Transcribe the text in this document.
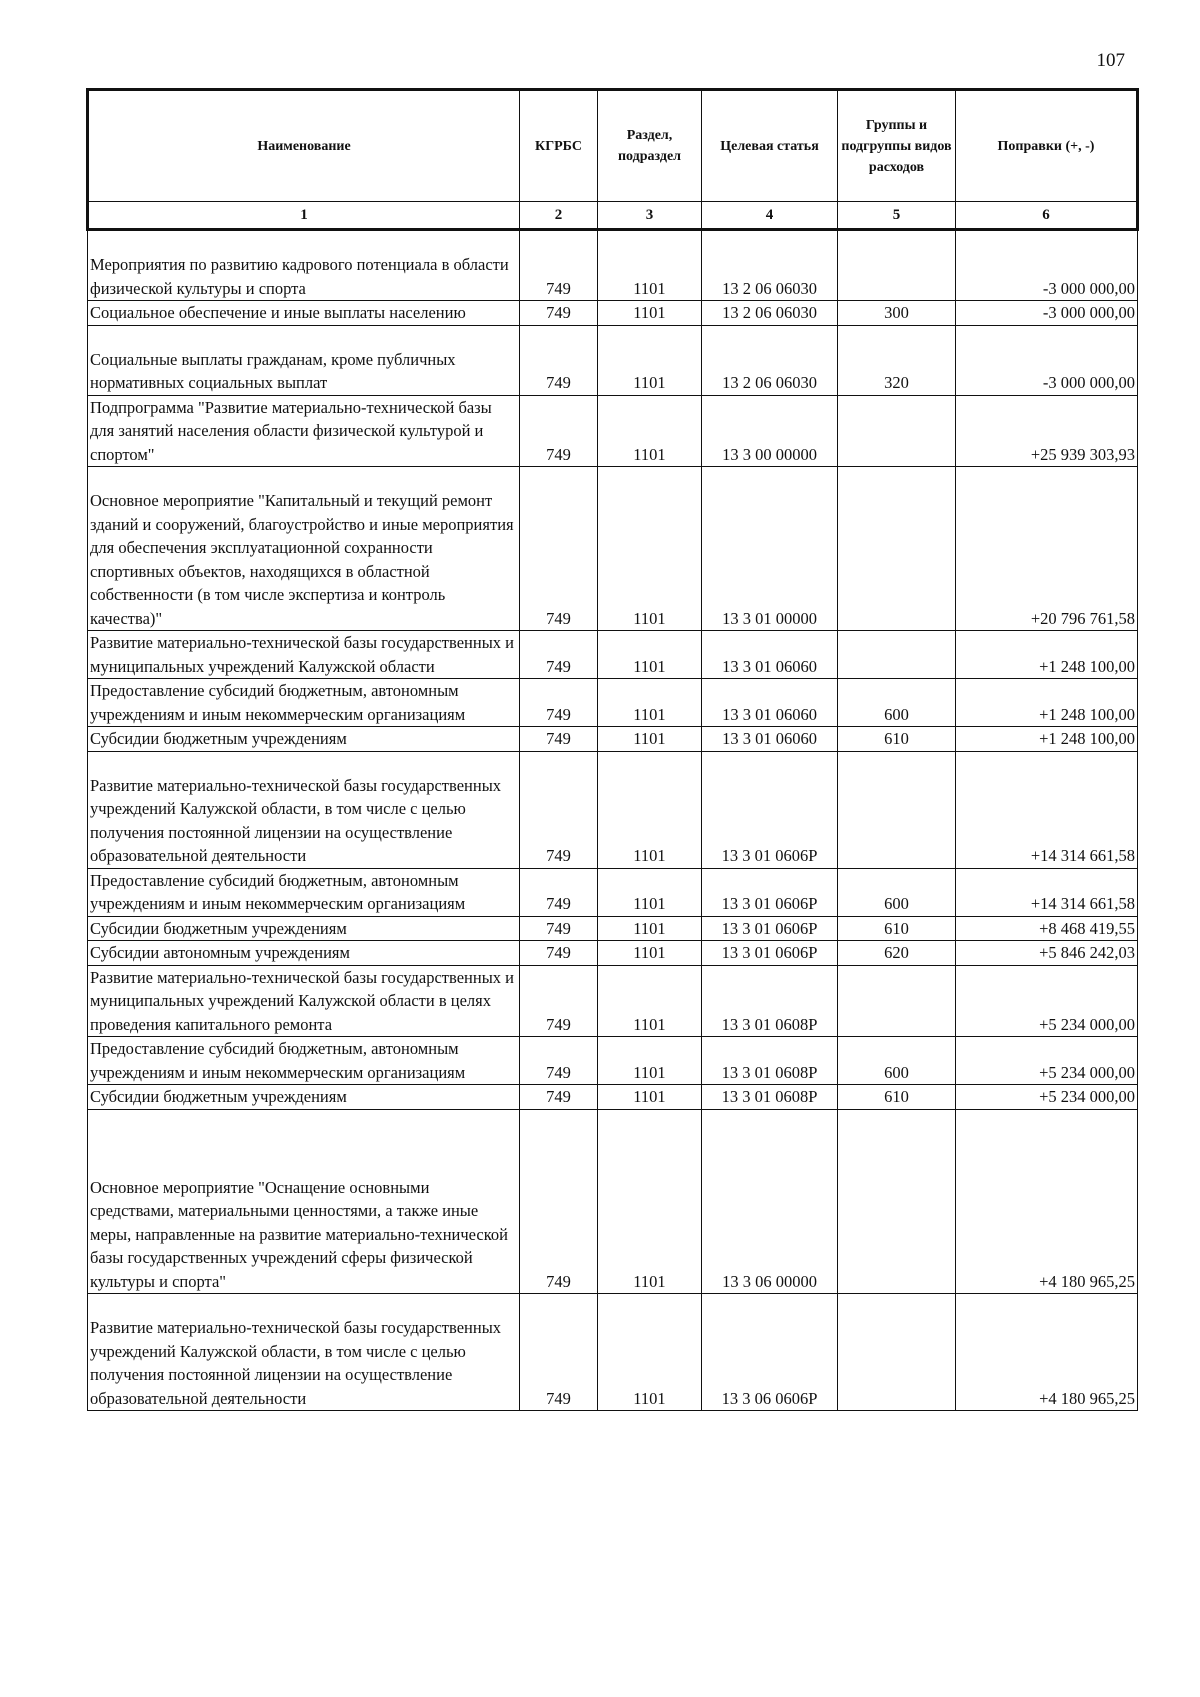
107
Наименование	КГРБС	Раздел, подраздел	Целевая статья	Группы и подгруппы видов расходов	Поправки (+, -)
1	2	3	4	5	6
Мероприятия по развитию кадрового потенциала в области физической культуры и спорта	749	1101	13 2 06 06030		-3 000 000,00
Социальное обеспечение и иные выплаты населению	749	1101	13 2 06 06030	300	-3 000 000,00
Социальные выплаты гражданам, кроме публичных нормативных социальных выплат	749	1101	13 2 06 06030	320	-3 000 000,00
Подпрограмма "Развитие материально-технической базы для занятий населения области физической культурой и спортом"	749	1101	13 3 00 00000		+25 939 303,93
Основное мероприятие "Капитальный и текущий ремонт зданий и сооружений, благоустройство и иные мероприятия для обеспечения эксплуатационной сохранности спортивных объектов, находящихся в областной собственности (в том числе экспертиза и контроль качества)"	749	1101	13 3 01 00000		+20 796 761,58
Развитие материально-технической базы государственных и муниципальных учреждений Калужской области	749	1101	13 3 01 06060		+1 248 100,00
Предоставление субсидий бюджетным, автономным учреждениям и иным некоммерческим организациям	749	1101	13 3 01 06060	600	+1 248 100,00
Субсидии бюджетным учреждениям	749	1101	13 3 01 06060	610	+1 248 100,00
Развитие материально-технической базы государственных учреждений Калужской области, в том числе с целью получения постоянной лицензии на осуществление образовательной деятельности	749	1101	13 3 01 0606Р		+14 314 661,58
Предоставление субсидий бюджетным, автономным учреждениям и иным некоммерческим организациям	749	1101	13 3 01 0606Р	600	+14 314 661,58
Субсидии бюджетным учреждениям	749	1101	13 3 01 0606Р	610	+8 468 419,55
Субсидии автономным учреждениям	749	1101	13 3 01 0606Р	620	+5 846 242,03
Развитие материально-технической базы государственных и муниципальных учреждений Калужской области в целях проведения капитального ремонта	749	1101	13 3 01 0608Р		+5 234 000,00
Предоставление субсидий бюджетным, автономным учреждениям и иным некоммерческим организациям	749	1101	13 3 01 0608Р	600	+5 234 000,00
Субсидии бюджетным учреждениям	749	1101	13 3 01 0608Р	610	+5 234 000,00
Основное мероприятие "Оснащение основными средствами, материальными ценностями, а также иные меры, направленные на развитие материально-технической базы государственных учреждений сферы физической культуры и спорта"	749	1101	13 3 06 00000		+4 180 965,25
Развитие материально-технической базы государственных учреждений Калужской области, в том числе с целью получения постоянной лицензии на осуществление образовательной деятельности	749	1101	13 3 06 0606Р		+4 180 965,25
